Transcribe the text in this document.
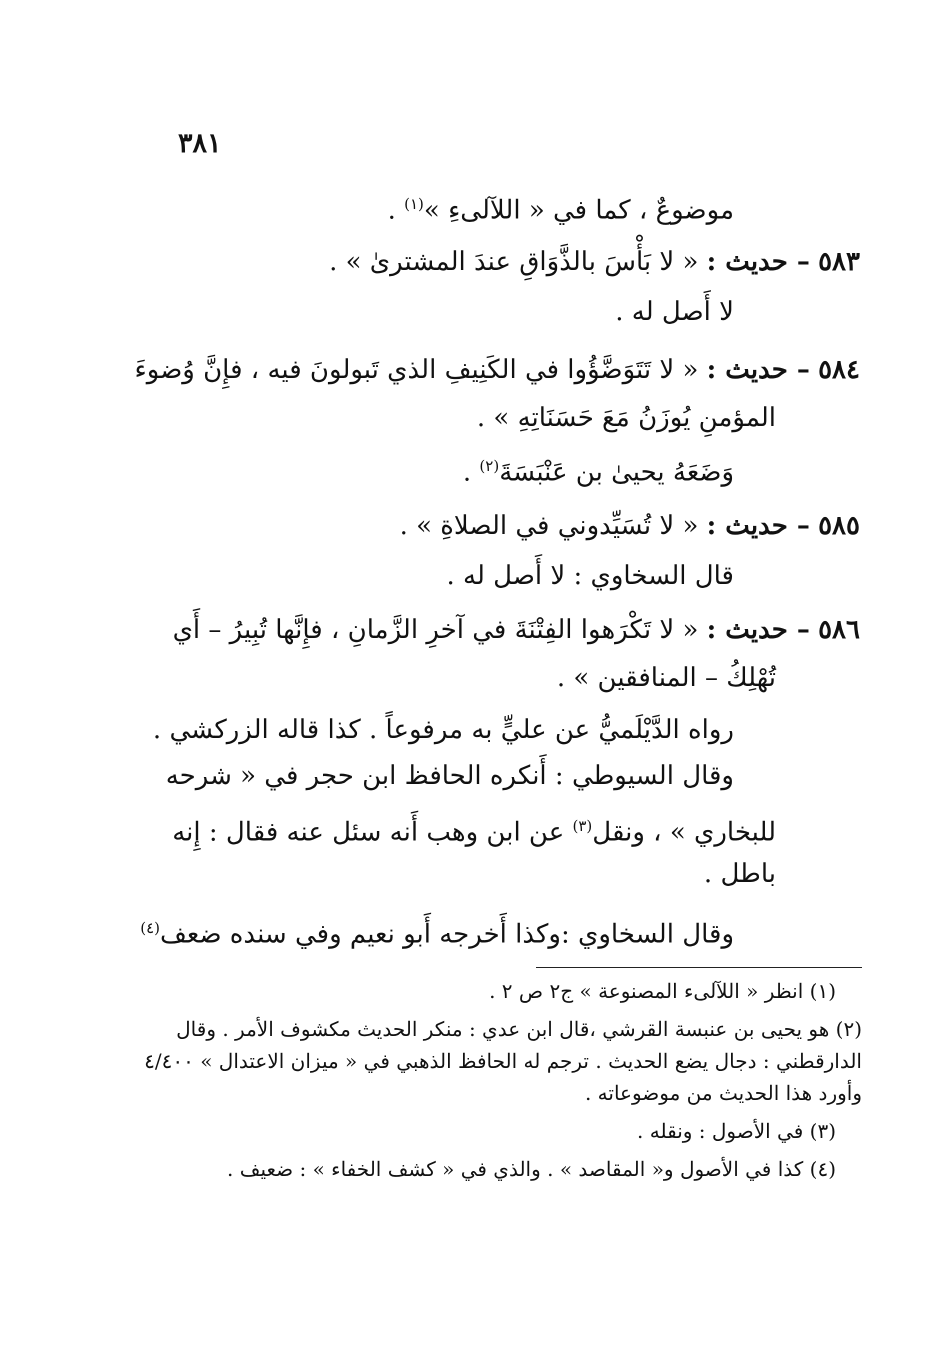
٣٨١
موضوعٌ ، كما في « اللآلىءِ »$^{(١)}$ .
٥٨٣ – حديث : « لا بَأْسَ بالذَّوَاقِ عندَ المشترىٰ » .
لا أَصل له .
٥٨٤ – حديث : « لا تَتَوَضَّؤُوا في الكَنِيفِ الذي تَبولونَ فيه ، فإِنَّ وُضوءَ
المؤمنِ يُوزَنُ مَعَ حَسَنَاتِهِ » .
وَضَعَهُ يحيىٰ بن عَنْبَسَةَ$^{(٢)}$ .
٥٨٥ – حديث : « لا تُسَيِّدوني في الصلاةِ » .
قال السخاوي : لا أَصل له .
٥٨٦ – حديث : « لا تَكْرَهوا الفِتْنَةَ في آخرِ الزَّمانِ ، فإِنَّها تُبِيرُ – أَي
تُهْلِكُ – المنافقين » .
رواه الدَّيْلَميُّ عن عليٍّ به مرفوعاً . كذا قاله الزركشي .
وقال السيوطي : أَنكره الحافظ ابن حجر في « شرحه
للبخاري » ، ونقل$^{(٣)}$ عن ابن وهب أَنه سئل عنه فقال : إِنه
باطل .
وقال السخاوي :وكذا أَخرجه أَبو نعيم وفي سنده ضعف$^{(٤)}$
(١) انظر « اللآلىء المصنوعة » ج٢ ص ٢ .
(٢) هو يحيى بن عنبسة القرشي ،قال ابن عدي : منكر الحديث مكشوف الأمر . وقال
الدارقطني : دجال يضع الحديث . ترجم له الحافظ الذهبي في « ميزان الاعتدال » ٤/٤٠٠
وأورد هذا الحديث من موضوعاته .
(٣) في الأصول : ونقله .
(٤) كذا في الأصول و« المقاصد » . والذي في « كشف الخفاء » : ضعيف .
